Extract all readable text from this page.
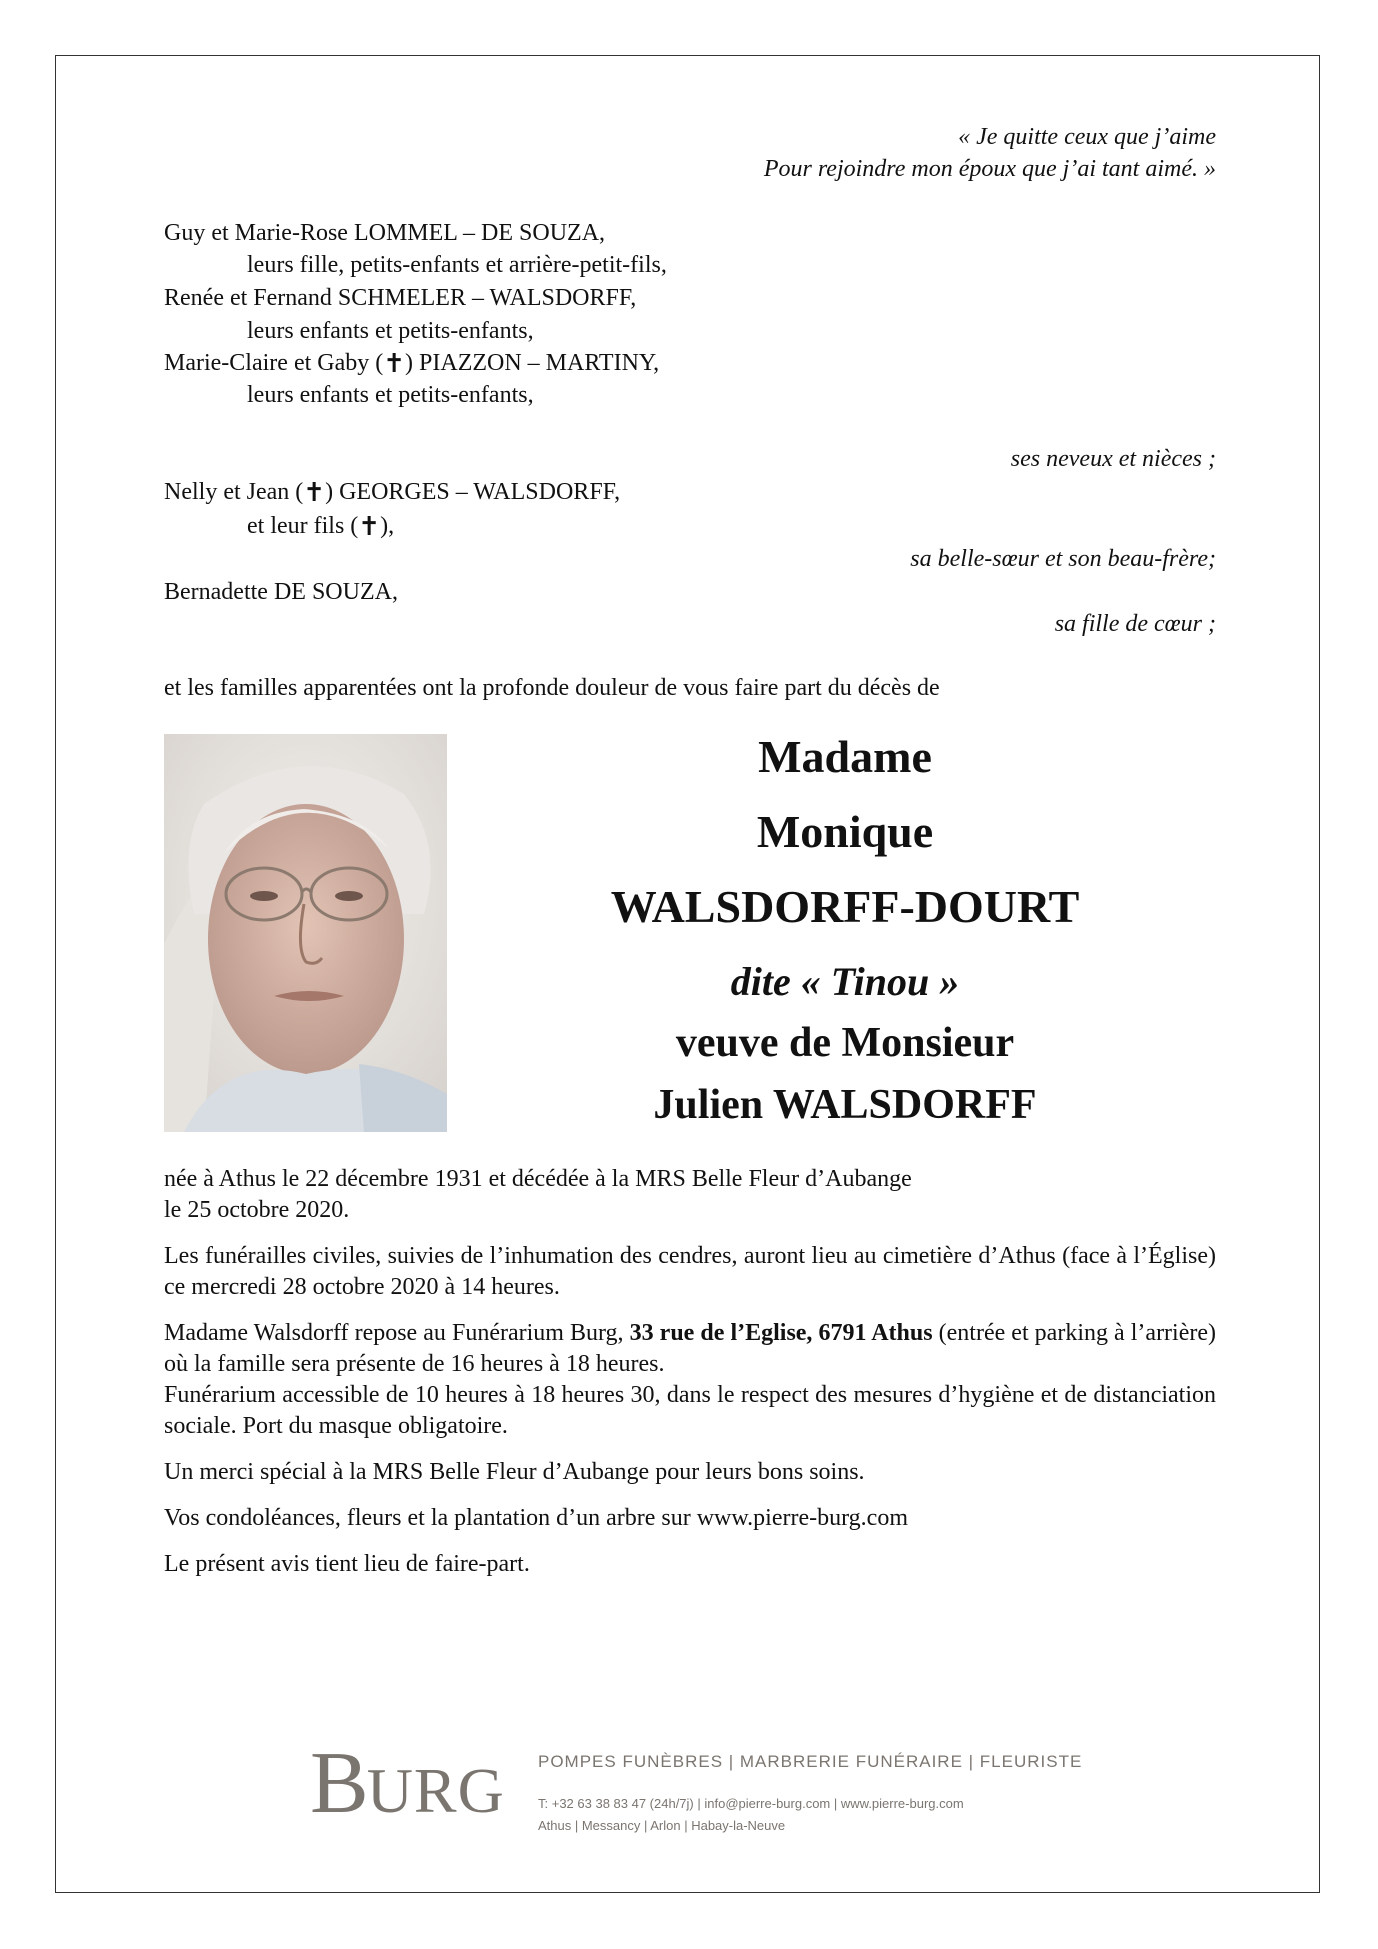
« Je quitte ceux que j’aime
Pour rejoindre mon époux que j’ai tant aimé. »
Guy et Marie-Rose LOMMEL – DE SOUZA,
leurs fille, petits-enfants et arrière-petit-fils,
Renée et Fernand SCHMELER – WALSDORFF,
leurs enfants et petits-enfants,
Marie-Claire et Gaby (✝) PIAZZON – MARTINY,
leurs enfants et petits-enfants,
ses neveux et nièces ;
Nelly et Jean (✝) GEORGES – WALSDORFF,
et leur fils (✝),
sa belle-sœur et son beau-frère;
Bernadette DE SOUZA,
sa fille de cœur ;
et les familles apparentées ont la profonde douleur de vous faire part du décès de
Madame
Monique
WALSDORFF-DOURT
dite « Tinou »
veuve de Monsieur
Julien WALSDORFF
née à Athus le 22 décembre 1931 et décédée à la MRS Belle Fleur d’Aubange
le 25 octobre 2020.
Les funérailles civiles, suivies de l’inhumation des cendres, auront lieu au cimetière d’Athus (face à l’Église) ce mercredi 28 octobre 2020 à 14 heures.
Madame Walsdorff repose au Funérarium Burg, 33 rue de l’Eglise, 6791 Athus (entrée et parking à l’arrière) où la famille sera présente de 16 heures à 18 heures.
Funérarium accessible de 10 heures à 18 heures 30, dans le respect des mesures d’hygiène et de distanciation sociale. Port du masque obligatoire.
Un merci spécial à la MRS Belle Fleur d’Aubange pour leurs bons soins.
Vos condoléances, fleurs et la plantation d’un arbre sur www.pierre-burg.com
Le présent avis tient lieu de faire-part.
BURG POMPES FUNÈBRES | MARBRERIE FUNÉRAIRE | FLEURISTE
T: +32 63 38 83 47 (24h/7j) | info@pierre-burg.com | www.pierre-burg.com
Athus | Messancy | Arlon | Habay-la-Neuve
